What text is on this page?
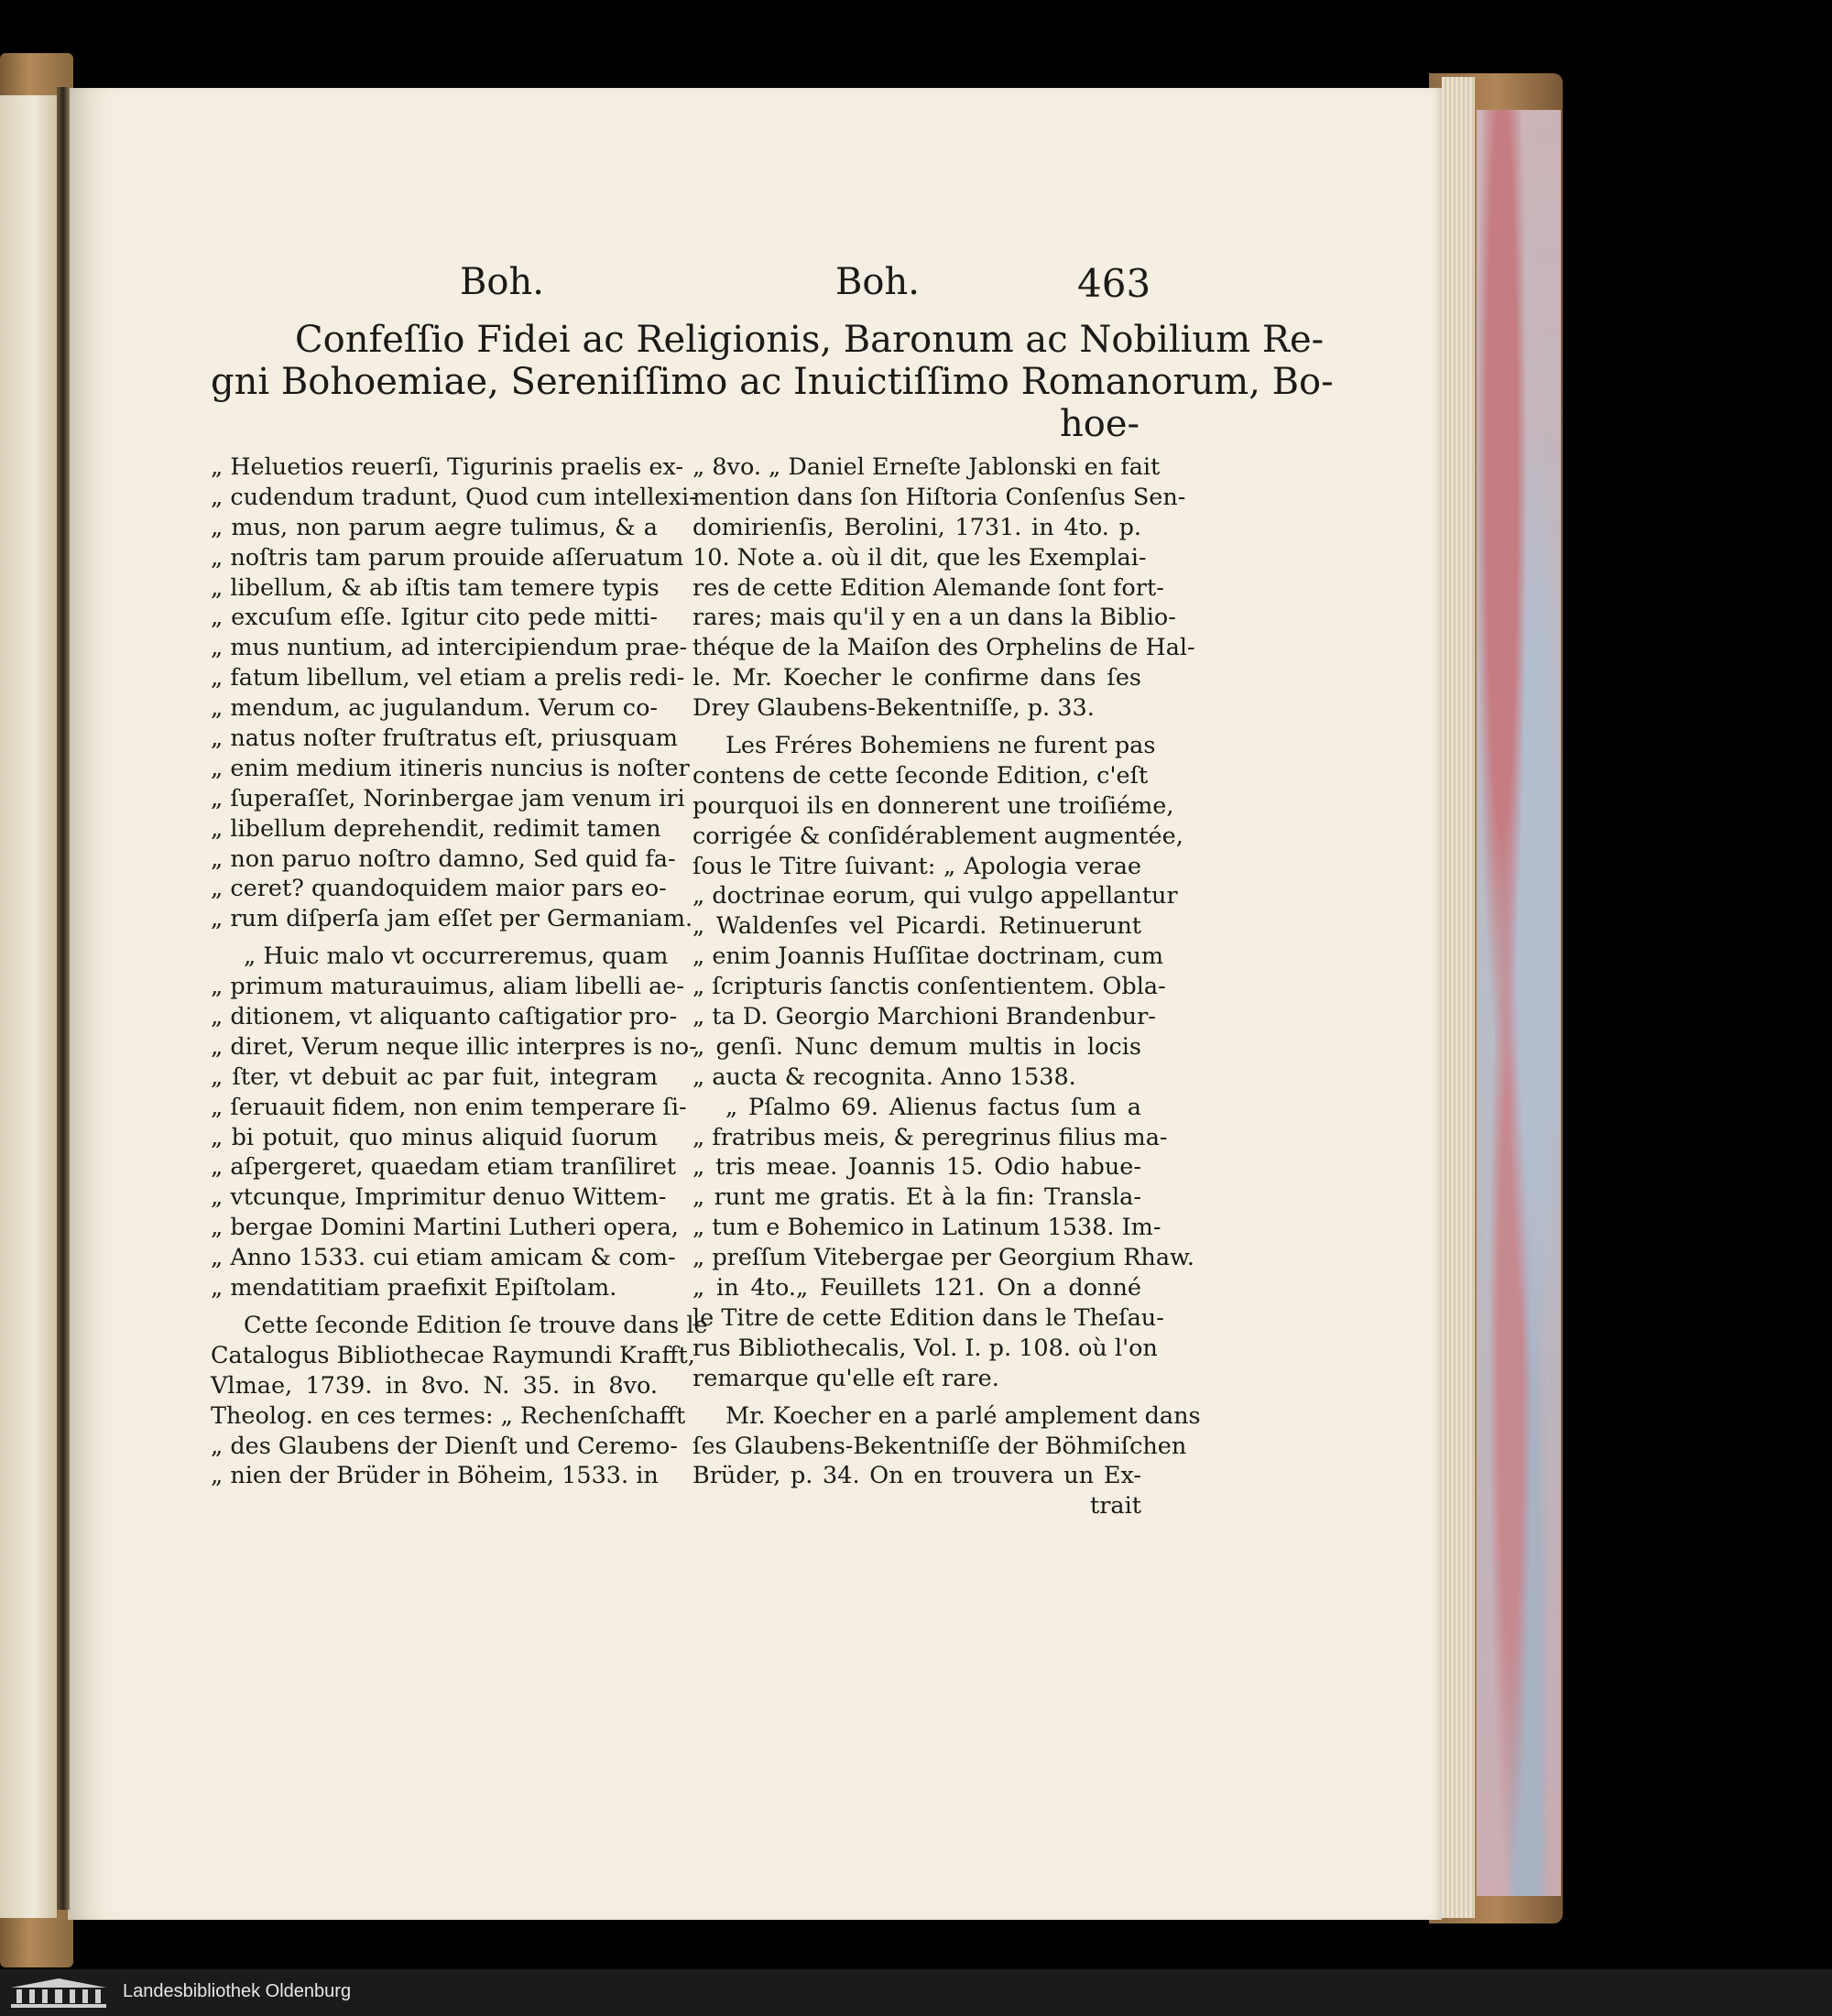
Boh.	Boh.	463
Confeſſio Fidei ac Religionis, Baronum ac Nobilium Re-
gni Bohoemiae, Sereniſſimo ac Inuictiſſimo Romanorum, Bo-
hoe-
„ Heluetios reuerſi, Tigurinis praelis ex-
„ cudendum tradunt, Quod cum intellexi-
„ mus, non parum aegre tulimus, & a
„ noſtris tam parum prouide aſſeruatum
„ libellum, & ab iſtis tam temere typis
„ excuſum eſſe. Igitur cito pede mitti-
„ mus nuntium, ad intercipiendum prae-
„ fatum libellum, vel etiam a prelis redi-
„ mendum, ac jugulandum. Verum co-
„ natus noſter fruſtratus eſt, priusquam
„ enim medium itineris nuncius is noſter
„ ſuperaſſet, Norinbergae jam venum iri
„ libellum deprehendit, redimit tamen
„ non paruo noſtro damno, Sed quid fa-
„ ceret? quandoquidem maior pars eo-
„ rum diſperſa jam eſſet per Germaniam.
„ Huic malo vt occurreremus, quam
„ primum maturauimus, aliam libelli ae-
„ ditionem, vt aliquanto caſtigatior pro-
„ diret, Verum neque illic interpres is no-
„ ſter, vt debuit ac par fuit, integram
„ ſeruauit fidem, non enim temperare ſi-
„ bi potuit, quo minus aliquid ſuorum
„ aſpergeret, quaedam etiam tranſiliret
„ vtcunque, Imprimitur denuo Wittem-
„ bergae Domini Martini Lutheri opera,
„ Anno 1533. cui etiam amicam & com-
„ mendatitiam praefixit Epiſtolam.
Cette ſeconde Edition ſe trouve dans le
Catalogus Bibliothecae Raymundi Krafft,
Vlmae, 1739. in 8vo. N. 35. in 8vo.
Theolog. en ces termes: „ Rechenſchafft
„ des Glaubens der Dienſt und Ceremo-
„ nien der Brüder in Böheim, 1533. in
„ 8vo. „ Daniel Erneſte Jablonski en fait
mention dans ſon Hiſtoria Conſenſus Sen-
domirienſis, Berolini, 1731. in 4to. p.
10. Note a. où il dit, que les Exemplai-
res de cette Edition Alemande ſont fort-
rares; mais qu'il y en a un dans la Biblio-
théque de la Maiſon des Orphelins de Hal-
le. Mr. Koecher le confirme dans ſes
Drey Glaubens-Bekentniſſe, p. 33.
Les Fréres Bohemiens ne furent pas
contens de cette ſeconde Edition, c'eſt
pourquoi ils en donnerent une troiſiéme,
corrigée & conſidérablement augmentée,
ſous le Titre ſuivant: „ Apologia verae
„ doctrinae eorum, qui vulgo appellantur
„ Waldenſes vel Picardi. Retinuerunt
„ enim Joannis Huſſitae doctrinam, cum
„ ſcripturis ſanctis conſentientem. Obla-
„ ta D. Georgio Marchioni Brandenbur-
„ genſi. Nunc demum multis in locis
„ aucta & recognita. Anno 1538.
„ Pſalmo 69. Alienus factus ſum a
„ fratribus meis, & peregrinus filius ma-
„ tris meae. Joannis 15. Odio habue-
„ runt me gratis. Et à la fin: Transla-
„ tum e Bohemico in Latinum 1538. Im-
„ preſſum Vitebergae per Georgium Rhaw.
„ in 4to.„ Feuillets 121. On a donné
le Titre de cette Edition dans le Theſau-
rus Bibliothecalis, Vol. I. p. 108. où l'on
remarque qu'elle eſt rare.
Mr. Koecher en a parlé amplement dans
ſes Glaubens-Bekentniſſe der Böhmiſchen
Brüder, p. 34. On en trouvera un Ex-
trait
Landesbibliothek Oldenburg
